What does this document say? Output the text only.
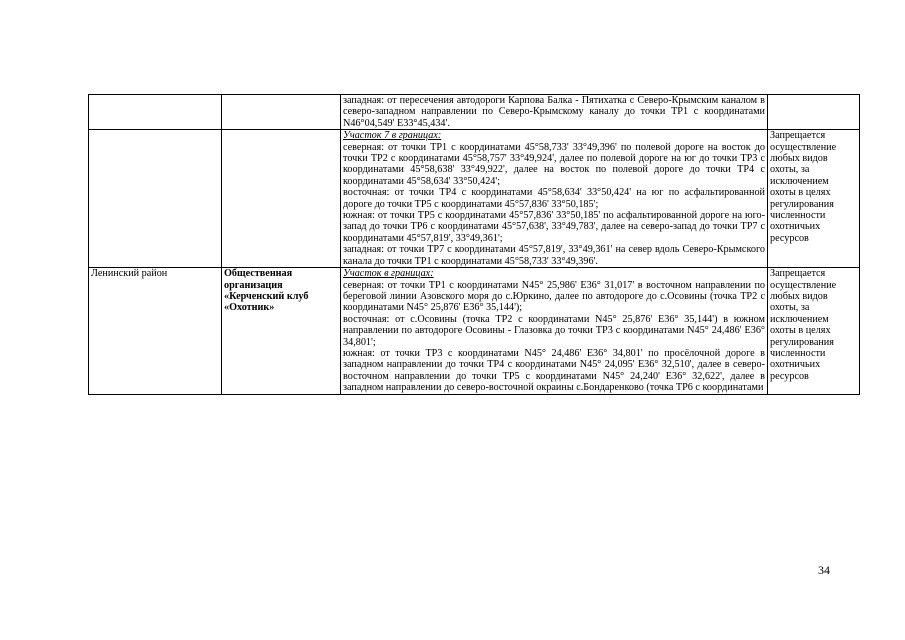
		западная: от пересечения автодороги Карпова Балка - Пятихатка с Северо-Крымским каналом в северо-западном направлении по Северо-Крымскому каналу до точки ТР1 с координатами N46°04,549' E33°45,434'.	

		Участок 7 в границах:
северная: от точки ТР1 с координатами 45°58,733' 33°49,396' по полевой дороге на восток до точки ТР2 с координатами 45°58,757' 33°49,924', далее по полевой дороге на юг до точки ТР3 с координатами 45°58,638' 33°49,922', далее на восток по полевой дороге до точки ТР4 с координатами 45°58,634' 33°50,424';
восточная: от точки ТР4 с координатами 45°58,634' 33°50,424' на юг по асфальтированной дороге до точки ТР5 с координатами 45°57,836' 33°50,185';
южная: от точки ТР5 с координатами 45°57,836' 33°50,185' по асфальтированной дороге на юго-запад до точки ТР6 с координатами 45°57,638', 33°49,783', далее на северо-запад до точки ТР7 с координатами 45°57,819', 33°49,361';
западная: от точки ТР7 с координатами 45°57,819', 33°49,361' на север вдоль Северо-Крымского канала до точки ТР1 с координатами 45°58,733' 33°49,396'.	Запрещается осуществление любых видов охоты, за исключением охоты в целях регулирования численности охотничьих ресурсов
Ленинский район	Общественная организация «Керченский клуб «Охотник»	Участок в границах:
северная: от точки ТР1 с координатами N45° 25,986' E36° 31,017' в восточном направлении по береговой линии Азовского моря до с.Юркино, далее по автодороге до с.Осовины (точка ТР2 с координатами N45° 25,876' E36° 35,144');
восточная: от с.Осовины (точка ТР2 с координатами N45° 25,876' E36° 35,144') в южном направлении по автодороге Осовины - Глазовка до точки ТР3 с координатами N45° 24,486' E36° 34,801';
южная: от точки ТР3 с координатами N45° 24,486' E36° 34,801' по просёлочной дороге в западном направлении до точки ТР4 с координатами N45° 24,095' E36° 32,510', далее в северо-восточном направлении до точки ТР5 с координатами N45° 24,240' E36° 32,622', далее в западном направлении до северо-восточной окраины с.Бондаренково (точка ТР6 с координатами	Запрещается осуществление любых видов охоты, за исключением охоты в целях регулирования численности охотничьих ресурсов
34
